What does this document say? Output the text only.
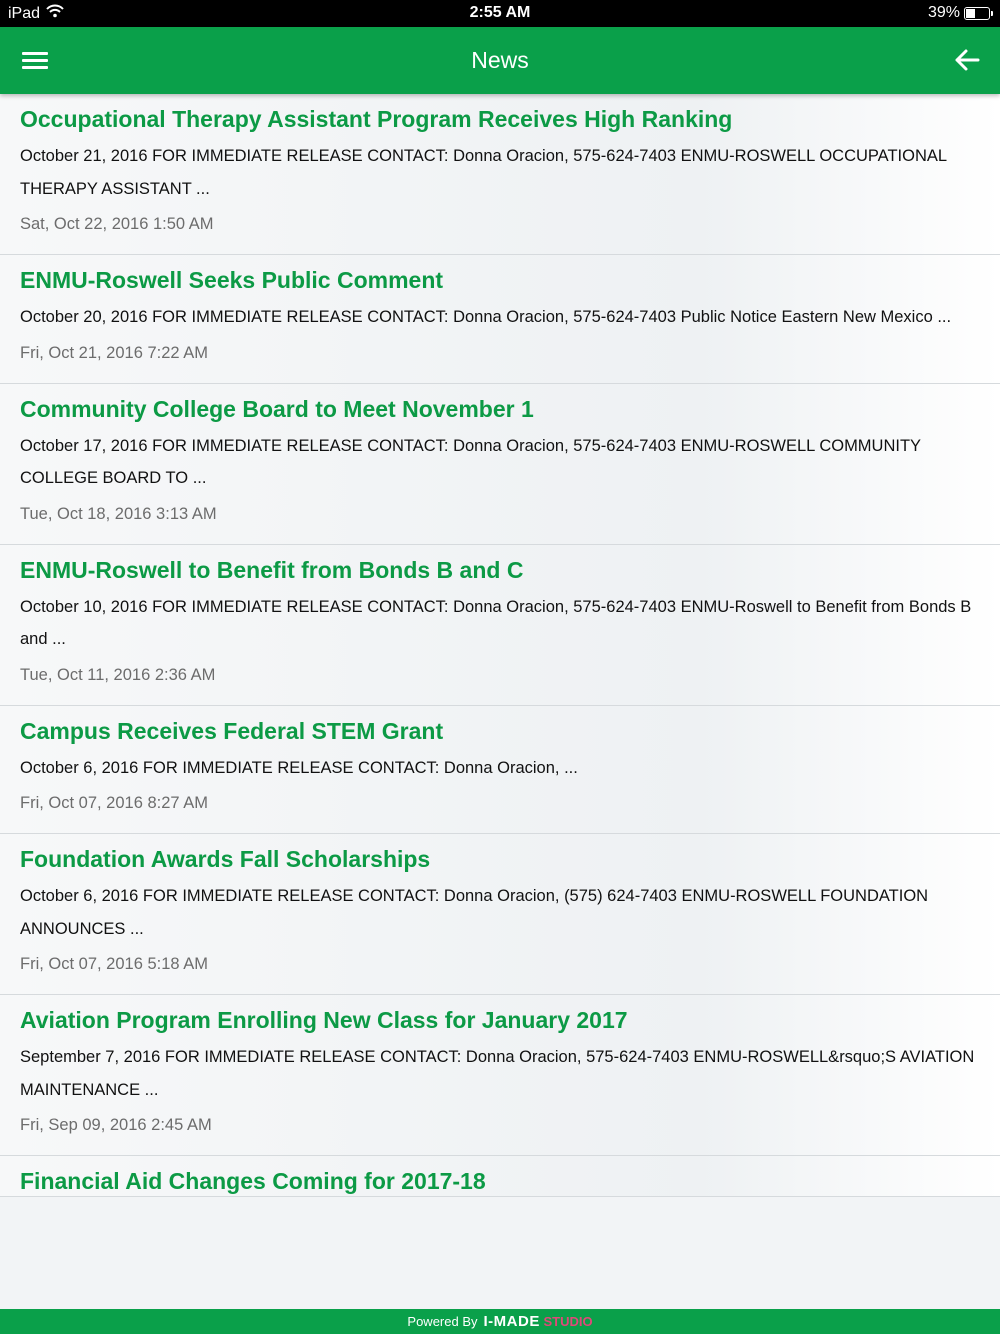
iPad	2:55 AM	39%
News
Occupational Therapy Assistant Program Receives High Ranking
October 21, 2016 FOR IMMEDIATE RELEASE CONTACT: Donna Oracion, 575-624-7403 ENMU-ROSWELL OCCUPATIONAL THERAPY ASSISTANT ...
Sat, Oct 22, 2016 1:50 AM
ENMU-Roswell Seeks Public Comment
October 20, 2016 FOR IMMEDIATE RELEASE CONTACT: Donna Oracion, 575-624-7403 Public Notice Eastern New Mexico ...
Fri, Oct 21, 2016 7:22 AM
Community College Board to Meet November 1
October 17, 2016 FOR IMMEDIATE RELEASE CONTACT: Donna Oracion, 575-624-7403 ENMU-ROSWELL COMMUNITY COLLEGE BOARD TO ...
Tue, Oct 18, 2016 3:13 AM
ENMU-Roswell to Benefit from Bonds B and C
October 10, 2016 FOR IMMEDIATE RELEASE CONTACT: Donna Oracion, 575-624-7403 ENMU-Roswell to Benefit from Bonds B and ...
Tue, Oct 11, 2016 2:36 AM
Campus Receives Federal STEM Grant
October 6, 2016 FOR IMMEDIATE RELEASE CONTACT: Donna Oracion, ...
Fri, Oct 07, 2016 8:27 AM
Foundation Awards Fall Scholarships
October 6, 2016 FOR IMMEDIATE RELEASE CONTACT: Donna Oracion, (575) 624-7403 ENMU-ROSWELL FOUNDATION ANNOUNCES ...
Fri, Oct 07, 2016 5:18 AM
Aviation Program Enrolling New Class for January 2017
September 7, 2016 FOR IMMEDIATE RELEASE CONTACT: Donna Oracion, 575-624-7403 ENMU-ROSWELL&rsquo;S AVIATION MAINTENANCE ...
Fri, Sep 09, 2016 2:45 AM
Financial Aid Changes Coming for 2017-18
Powered By I-MADE STUDIO
